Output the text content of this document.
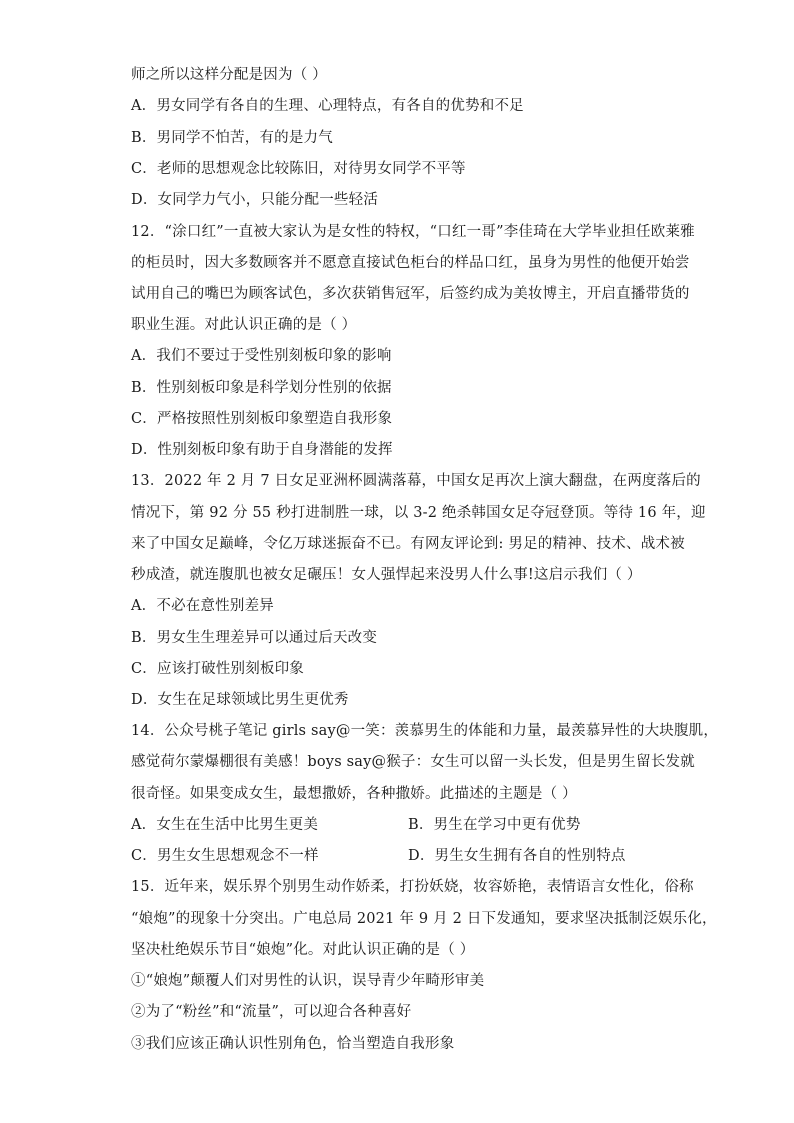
师之所以这样分配是因为（ ）
A．男女同学有各自的生理、心理特点，有各自的优势和不足
B．男同学不怕苦，有的是力气
C．老师的思想观念比较陈旧，对待男女同学不平等
D．女同学力气小，只能分配一些轻活
12．“涂口红”一直被大家认为是女性的特权，“口红一哥”李佳琦在大学毕业担任欧莱雅
的柜员时，因大多数顾客并不愿意直接试色柜台的样品口红，虽身为男性的他便开始尝
试用自己的嘴巴为顾客试色，多次获销售冠军，后签约成为美妆博主，开启直播带货的
职业生涯。对此认识正确的是（ ）
A．我们不要过于受性别刻板印象的影响
B．性别刻板印象是科学划分性别的依据
C．严格按照性别刻板印象塑造自我形象
D．性别刻板印象有助于自身潜能的发挥
13．2022 年 2 月 7 日女足亚洲杯圆满落幕，中国女足再次上演大翻盘，在两度落后的
情况下，第 92 分 55 秒打进制胜一球，以 3-2 绝杀韩国女足夺冠登顶。等待 16 年，迎
来了中国女足巅峰，令亿万球迷振奋不已。有网友评论到: 男足的精神、技术、战术被
秒成渣，就连腹肌也被女足碾压！女人强悍起来没男人什么事!这启示我们（ ）
A．不必在意性别差异
B．男女生生理差异可以通过后天改变
C．应该打破性别刻板印象
D．女生在足球领域比男生更优秀
14．公众号桃子笔记 girls say@一笑：羡慕男生的体能和力量，最羡慕异性的大块腹肌，
感觉荷尔蒙爆棚很有美感！boys say@猴子：女生可以留一头长发，但是男生留长发就
很奇怪。如果变成女生，最想撒娇，各种撒娇。此描述的主题是（ ）
A．女生在生活中比男生更美	B．男生在学习中更有优势
C．男生女生思想观念不一样	D．男生女生拥有各自的性别特点
15．近年来，娱乐界个别男生动作娇柔，打扮妖娆，妆容娇艳，表情语言女性化，俗称
“娘炮”的现象十分突出。广电总局 2021 年 9 月 2 日下发通知，要求坚决抵制泛娱乐化，
坚决杜绝娱乐节目“娘炮”化。对此认识正确的是（ ）
①“娘炮”颠覆人们对男性的认识，误导青少年畸形审美
②为了“粉丝”和“流量”，可以迎合各种喜好
③我们应该正确认识性别角色，恰当塑造自我形象
